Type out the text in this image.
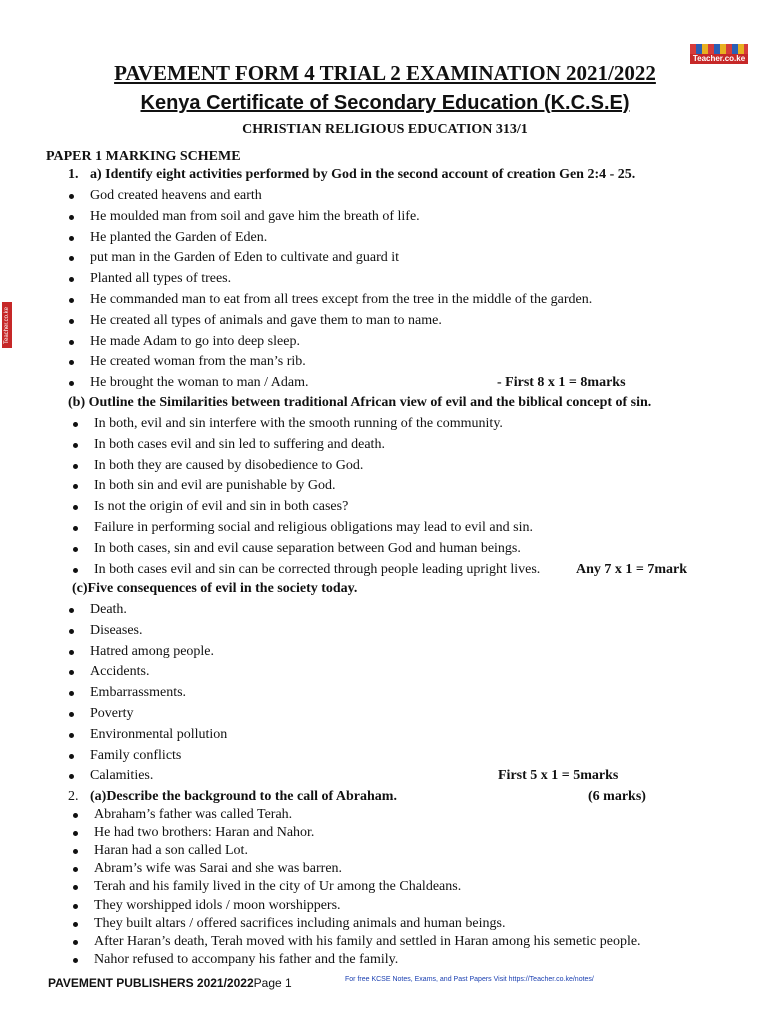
Teacher.co.ke
Teacher.co.ke
PAVEMENT FORM 4 TRIAL 2 EXAMINATION 2021/2022
Kenya Certificate of Secondary Education (K.C.S.E)
CHRISTIAN RELIGIOUS EDUCATION 313/1
PAPER 1 MARKING SCHEME
1. a) Identify eight activities performed by God in the second account of creation Gen 2:4 - 25.
God created heavens and earth
He moulded man from soil and gave him the breath of life.
He planted the Garden of Eden.
put man in the Garden of Eden to cultivate and guard it
Planted all types of trees.
He commanded man to eat from all trees except from the tree in the middle of the garden.
He created all types of animals and gave them to man to name.
He made Adam to go into deep sleep.
He created woman from the man’s rib.
He brought the woman to man / Adam.	- First 8 x 1 = 8marks
(b) Outline the Similarities between traditional African view of evil and the biblical concept of sin.
In both, evil and sin interfere with the smooth running of the community.
In both cases evil and sin led to suffering and death.
In both they are caused by disobedience to God.
In both sin and evil are punishable by God.
Is not the origin of evil and sin in both cases?
Failure in performing social and religious obligations may lead to evil and sin.
In both cases, sin and evil cause separation between God and human beings.
In both cases evil and sin can be corrected through people leading upright lives.	Any 7 x 1 = 7mark
(c)Five consequences of evil in the society today.
Death.
Diseases.
Hatred among people.
Accidents.
Embarrassments.
Poverty
Environmental pollution
Family conflicts
Calamities.	First 5 x 1 = 5marks
2. (a)Describe the background to the call of Abraham.	(6 marks)
Abraham’s father was called Terah.
He had two brothers: Haran and Nahor.
Haran had a son called Lot.
Abram’s wife was Sarai and she was barren.
Terah and his family lived in the city of Ur among the Chaldeans.
They worshipped idols / moon worshippers.
They built altars / offered sacrifices including animals and human beings.
After Haran’s death, Terah moved with his family and settled in Haran among his semetic people.
Nahor refused to accompany his father and the family.
PAVEMENT PUBLISHERS 2021/2022Page 1	For free KCSE Notes, Exams, and Past Papers Visit https://Teacher.co.ke/notes/
